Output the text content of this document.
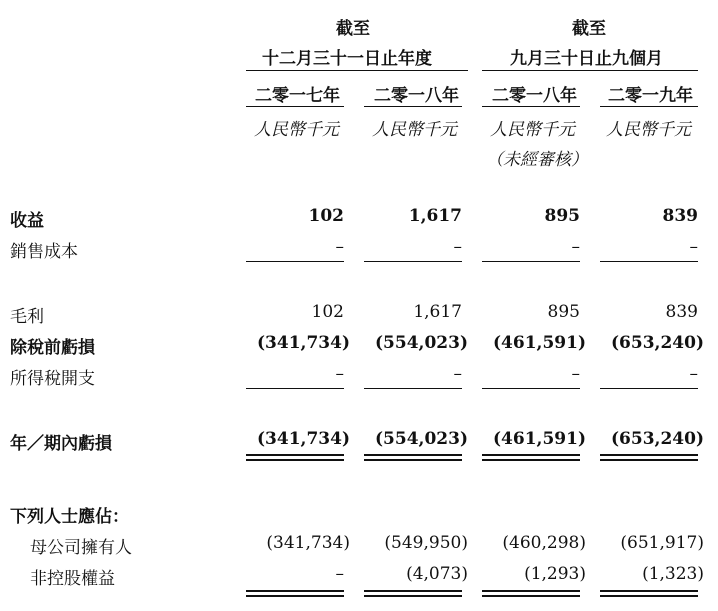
截至
十二月三十一日止年度
截至
九月三十日止九個月
二零一七年 二零一八年 二零一八年 二零一九年
人民幣千元 人民幣千元 人民幣千元 人民幣千元
（未經審核）
收益	102	1,617	895	839
銷售成本	–	–	–	–
毛利	102	1,617	895	839
除稅前虧損	(341,734)	(554,023)	(461,591)	(653,240)
所得稅開支	–	–	–	–
年／期內虧損	(341,734)	(554,023)	(461,591)	(653,240)
下列人士應佔：
母公司擁有人	(341,734)	(549,950)	(460,298)	(651,917)
非控股權益	–	(4,073)	(1,293)	(1,323)
